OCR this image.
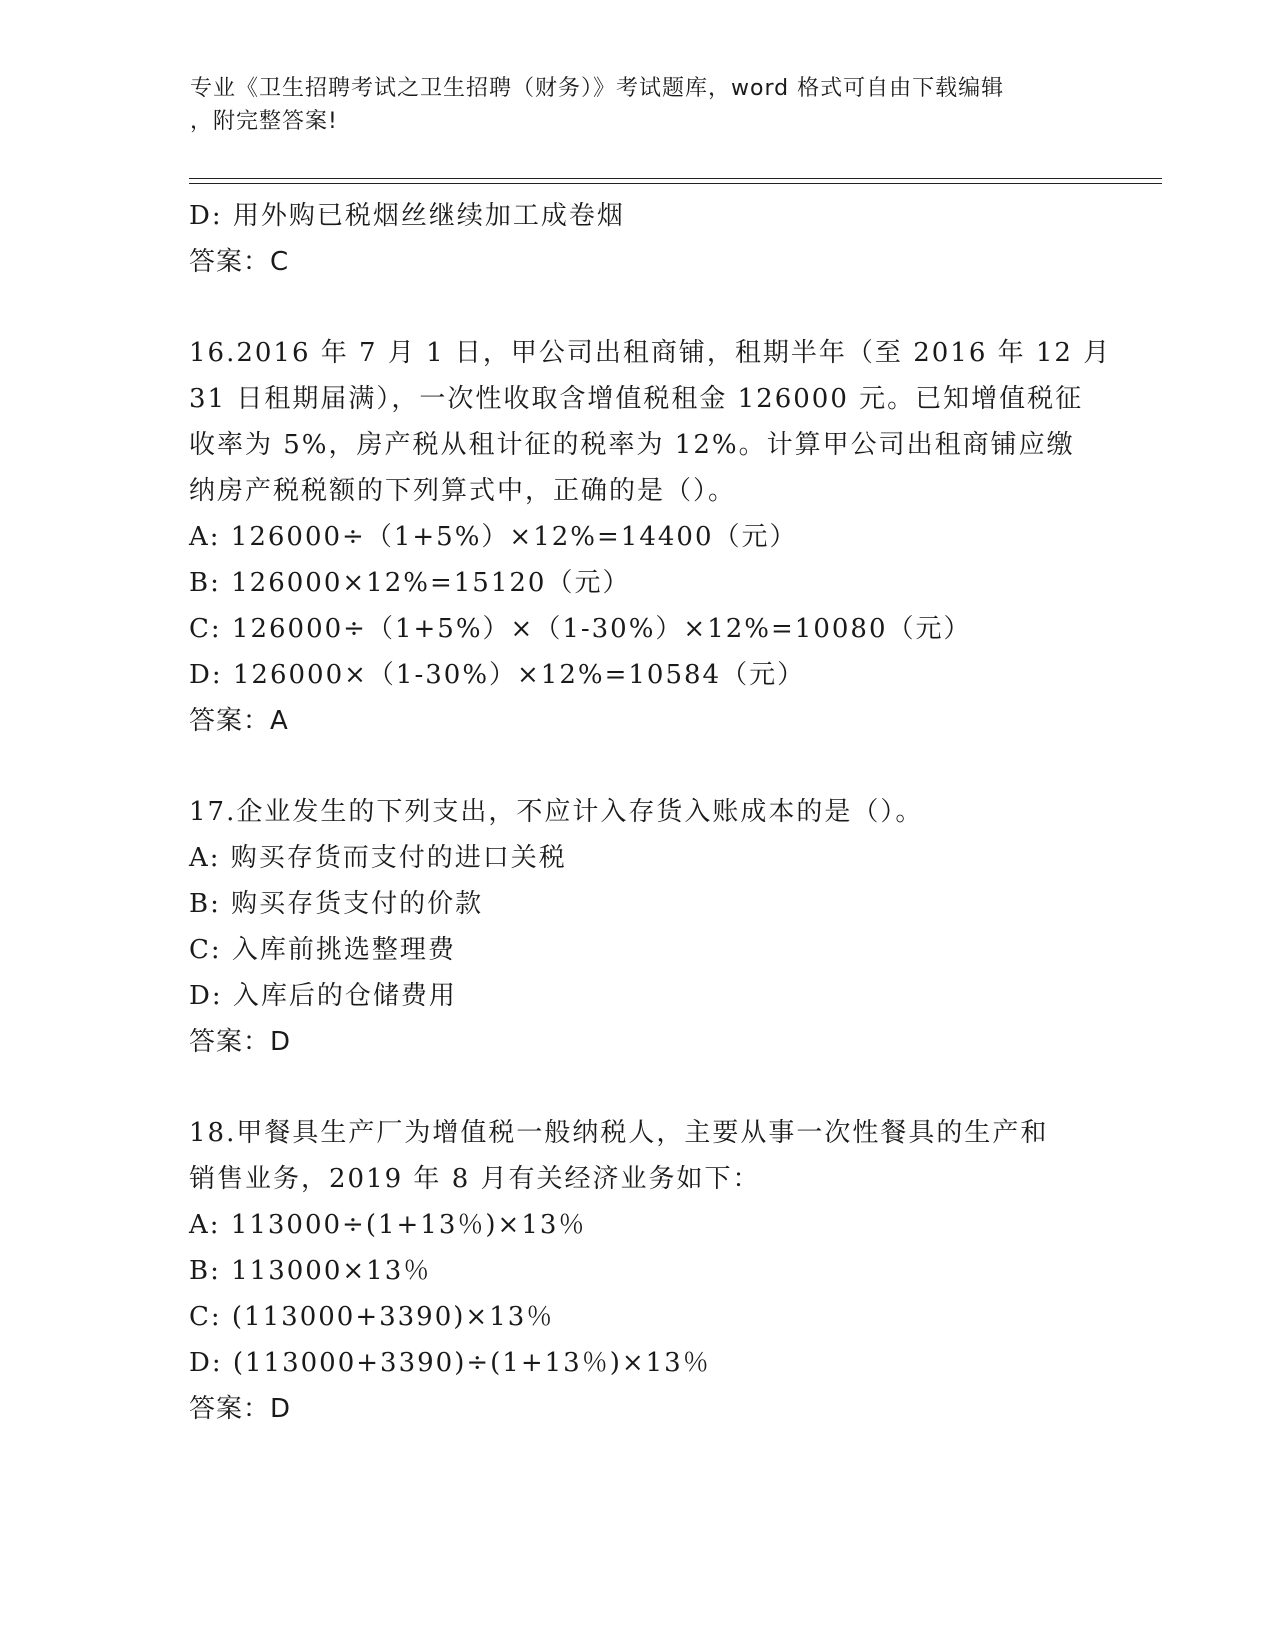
专业《卫生招聘考试之卫生招聘（财务）》考试题库，word 格式可自由下载编辑
，附完整答案!
D: 用外购已税烟丝继续加工成卷烟
答案：C
16.2016 年 7 月 1 日，甲公司出租商铺，租期半年（至 2016 年 12 月
31 日租期届满），一次性收取含增值税租金 126000 元。已知增值税征
收率为 5%，房产税从租计征的税率为 12%。计算甲公司出租商铺应缴
纳房产税税额的下列算式中，正确的是（）。
A: 126000÷（1+5%）×12%=14400（元）
B: 126000×12%=15120（元）
C: 126000÷（1+5%）×（1-30%）×12%=10080（元）
D: 126000×（1-30%）×12%=10584（元）
答案：A
17.企业发生的下列支出，不应计入存货入账成本的是（）。
A: 购买存货而支付的进口关税
B: 购买存货支付的价款
C: 入库前挑选整理费
D: 入库后的仓储费用
答案：D
18.甲餐具生产厂为增值税一般纳税人，主要从事一次性餐具的生产和
销售业务，2019 年 8 月有关经济业务如下：
A: 113000÷(1+13％)×13％
B: 113000×13％
C: (113000+3390)×13％
D: (113000+3390)÷(1+13％)×13％
答案：D
